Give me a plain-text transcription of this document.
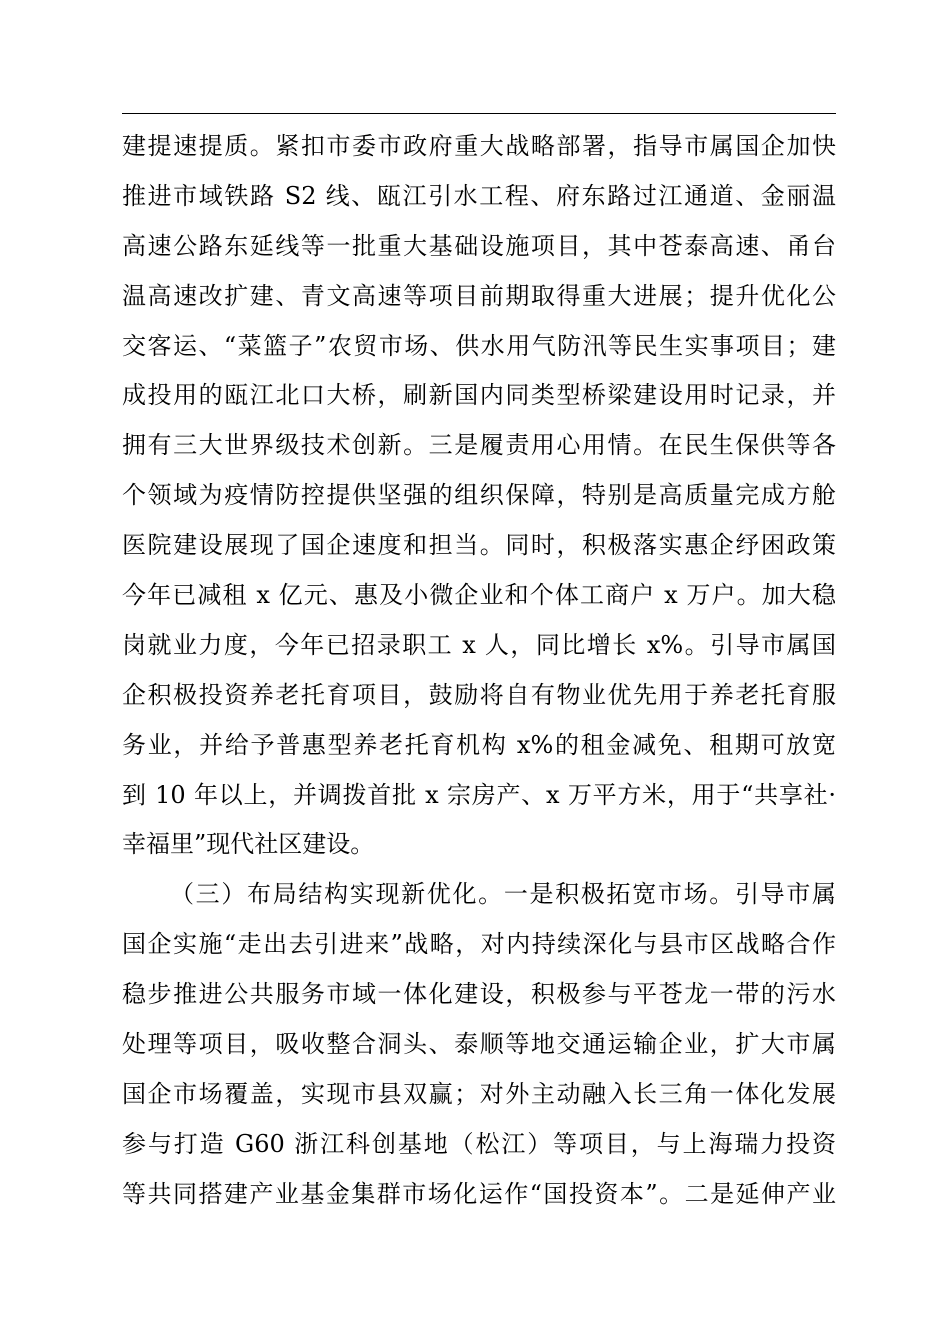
建提速提质。紧扣市委市政府重大战略部署，指导市属国企加快
推进市域铁路 S2 线、瓯江引水工程、府东路过江通道、金丽温
高速公路东延线等一批重大基础设施项目，其中苍泰高速、甬台
温高速改扩建、青文高速等项目前期取得重大进展；提升优化公
交客运、“菜篮子”农贸市场、供水用气防汛等民生实事项目；建
成投用的瓯江北口大桥，刷新国内同类型桥梁建设用时记录，并
拥有三大世界级技术创新。三是履责用心用情。在民生保供等各
个领域为疫情防控提供坚强的组织保障，特别是高质量完成方舱
医院建设展现了国企速度和担当。同时，积极落实惠企纾困政策
今年已减租 x 亿元、惠及小微企业和个体工商户 x 万户。加大稳
岗就业力度，今年已招录职工 x 人，同比增长 x%。引导市属国
企积极投资养老托育项目，鼓励将自有物业优先用于养老托育服
务业，并给予普惠型养老托育机构 x%的租金减免、租期可放宽
到 10 年以上，并调拨首批 x 宗房产、x 万平方米，用于“共享社·
幸福里”现代社区建设。
（三）布局结构实现新优化。一是积极拓宽市场。引导市属
国企实施“走出去引进来”战略，对内持续深化与县市区战略合作
稳步推进公共服务市域一体化建设，积极参与平苍龙一带的污水
处理等项目，吸收整合洞头、泰顺等地交通运输企业，扩大市属
国企市场覆盖，实现市县双赢；对外主动融入长三角一体化发展
参与打造 G60 浙江科创基地（松江）等项目，与上海瑞力投资
等共同搭建产业基金集群市场化运作“国投资本”。二是延伸产业
